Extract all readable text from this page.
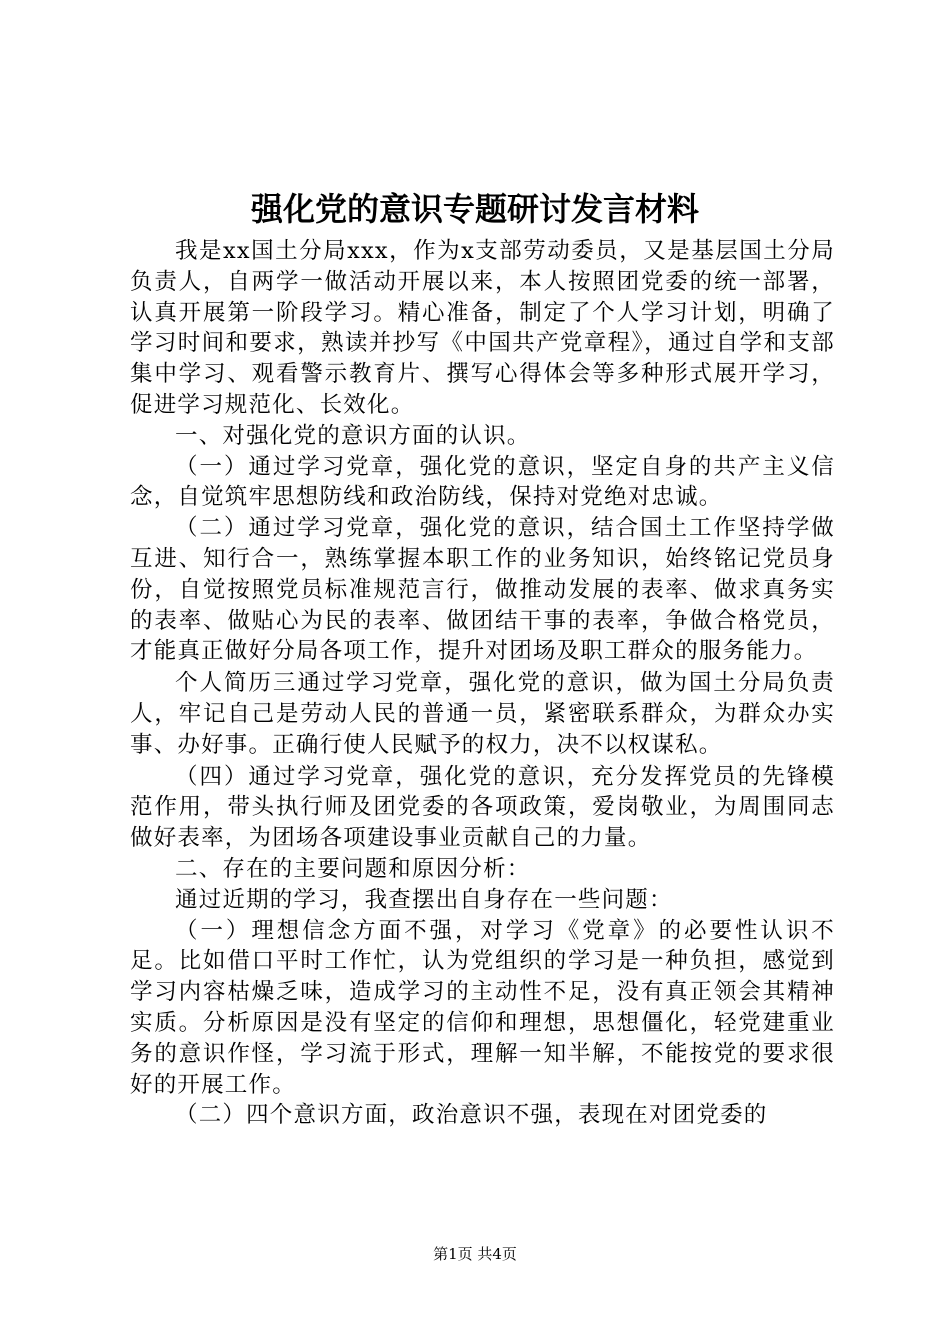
强化党的意识专题研讨发言材料

我是xx国土分局xxx，作为x支部劳动委员，又是基层国土分局负责人，自两学一做活动开展以来，本人按照团党委的统一部署，认真开展第一阶段学习。精心准备，制定了个人学习计划，明确了学习时间和要求，熟读并抄写《中国共产党章程》，通过自学和支部集中学习、观看警示教育片、撰写心得体会等多种形式展开学习，促进学习规范化、长效化。

一、对强化党的意识方面的认识。

（一）通过学习党章，强化党的意识，坚定自身的共产主义信念，自觉筑牢思想防线和政治防线，保持对党绝对忠诚。

（二）通过学习党章，强化党的意识，结合国土工作坚持学做互进、知行合一，熟练掌握本职工作的业务知识，始终铭记党员身份，自觉按照党员标准规范言行，做推动发展的表率、做求真务实的表率、做贴心为民的表率、做团结干事的表率，争做合格党员，才能真正做好分局各项工作，提升对团场及职工群众的服务能力。

个人简历三通过学习党章，强化党的意识，做为国土分局负责人，牢记自己是劳动人民的普通一员，紧密联系群众，为群众办实事、办好事。正确行使人民赋予的权力，决不以权谋私。

（四）通过学习党章，强化党的意识，充分发挥党员的先锋模范作用，带头执行师及团党委的各项政策，爱岗敬业，为周围同志做好表率，为团场各项建设事业贡献自己的力量。

二、存在的主要问题和原因分析：

通过近期的学习，我查摆出自身存在一些问题：

（一）理想信念方面不强，对学习《党章》的必要性认识不足。比如借口平时工作忙，认为党组织的学习是一种负担，感觉到学习内容枯燥乏味，造成学习的主动性不足，没有真正领会其精神实质。分析原因是没有坚定的信仰和理想，思想僵化，轻党建重业务的意识作怪，学习流于形式，理解一知半解，不能按党的要求很好的开展工作。

（二）四个意识方面，政治意识不强，表现在对团党委的

第1页 共4页
